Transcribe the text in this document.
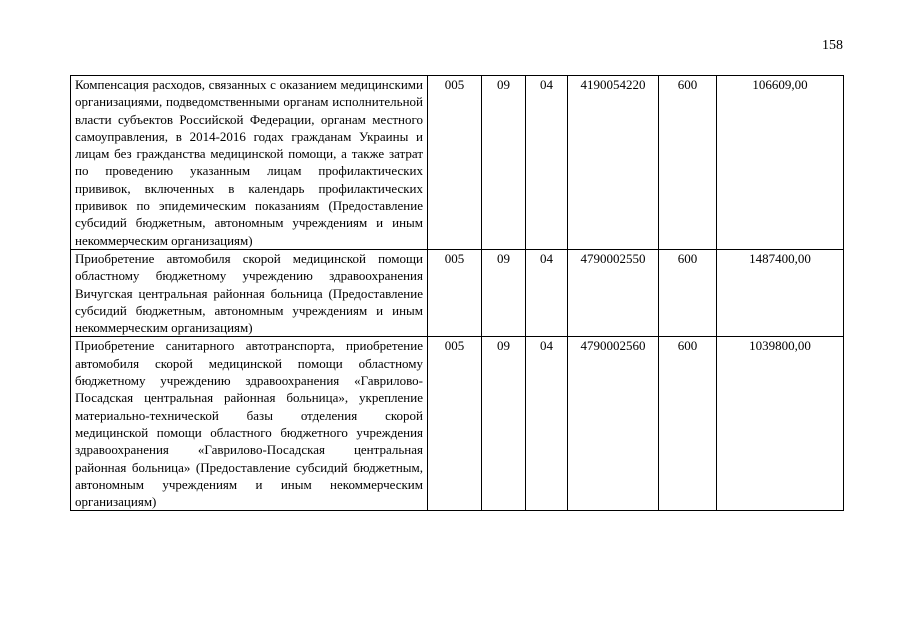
158
Компенсация расходов, связанных с оказанием медицинскими организациями, подведомственными органам исполнительной власти субъектов Российской Федерации, органам местного самоуправления, в 2014-2016 годах гражданам Украины и лицам без гражданства медицинской помощи, а также затрат по проведению указанным лицам профилактических прививок, включенных в календарь профилактических прививок по эпидемическим показаниям (Предоставление субсидий бюджетным, автономным учреждениям и иным некоммерческим организациям)	005	09	04	4190054220	600	106609,00
Приобретение автомобиля скорой медицинской помощи областному бюджетному учреждению здравоохранения Вичугская центральная районная больница (Предоставление субсидий бюджетным, автономным учреждениям и иным некоммерческим организациям)	005	09	04	4790002550	600	1487400,00
Приобретение санитарного автотранспорта, приобретение автомобиля скорой медицинской помощи областному бюджетному учреждению здравоохранения «Гаврилово-Посадская центральная районная больница», укрепление материально-технической базы отделения скорой медицинской помощи областного бюджетного учреждения здравоохранения «Гаврилово-Посадская центральная районная больница» (Предоставление субсидий бюджетным, автономным учреждениям и иным некоммерческим организациям)	005	09	04	4790002560	600	1039800,00
